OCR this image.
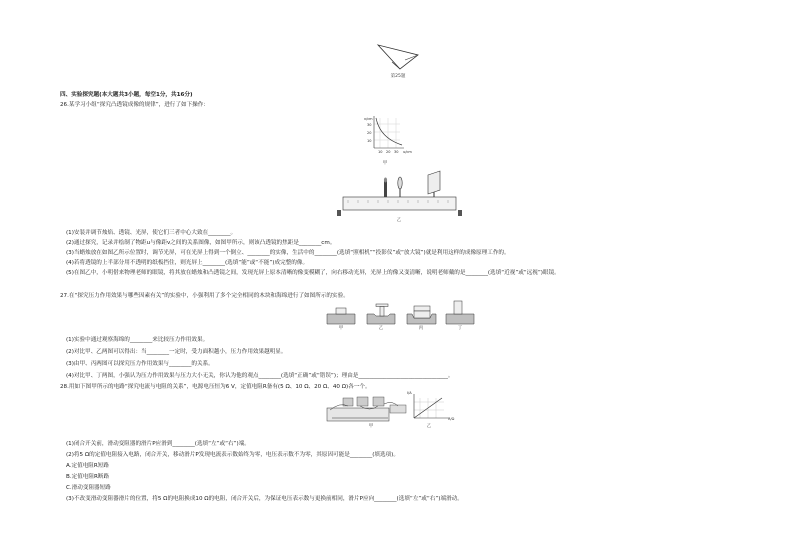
第25题
四、实验探究题(本大题共3小题，每空1分，共16分)
26.某学习小组“探究凸透镜成像的规律”，进行了如下操作：
v/cm
30
20
10
10 20 30 u/cm
甲
乙
(1)安装并调节烛焰、透镜、光屏，使它们三者中心大致在________。
(2)通过探究，记录并绘制了物距u与像距v之间的关系图像，如图甲所示，则该凸透镜的焦距是________cm。
(3)当蜡烛放在如图乙所示位置时，调节光屏，可在光屏上得到一个倒立、________的实像，生活中的________(选填“照相机”“投影仪”或“放大镜”)就是利用这样的成像原理工作的。
(4)若将透镜的上半部分用不透明的纸板挡住，则光屏上________(选填“能”或“不能”)成完整的像。
(5)在图乙中，小明借来物理老师的眼镜，将其放在蜡烛和凸透镜之间，发现光屏上原本清晰的像变模糊了，向右移动光屏，光屏上的像又变清晰，说明老师戴的是________(选填“近视”或“远视”)眼镜。
27.在“探究压力作用效果与哪些因素有关”的实验中，小强利用了多个完全相同的木块和海绵进行了如图所示的实验。
甲	乙	丙	丁
(1)实验中通过观察海绵的________来比较压力作用效果。
(2)对比甲、乙两图可以得出：当________一定时，受力面积越小，压力作用效果越明显。
(3)由甲、丙两图可以探究压力作用效果与________的关系。
(4)对比甲、丁两图，小强认为压力作用效果与压力大小无关，你认为他的观点________(选填“正确”或“错误”)；理由是________________________________。
28.用如下图甲所示的电路“探究电流与电阻的关系”，电源电压恒为6 V，定值电阻R备有(5 Ω、10 Ω、20 Ω、40 Ω)各一个。
甲
I/A
R/Ω
乙
(1)闭合开关前，滑动变阻器的滑片P应滑到________(选填“左”或“右”)端。
(2)将5 Ω的定值电阻接入电路，闭合开关，移动滑片P发现电流表示数始终为零，电压表示数不为零，其原因可能是________(填选项)。
A.定值电阻R短路
B.定值电阻R断路
C.滑动变阻器短路
(3)不改变滑动变阻器滑片的位置，将5 Ω的电阻换成10 Ω的电阻，闭合开关后，为保证电压表示数与更换前相同，滑片P应向________(选填“左”或“右”)端滑动。
